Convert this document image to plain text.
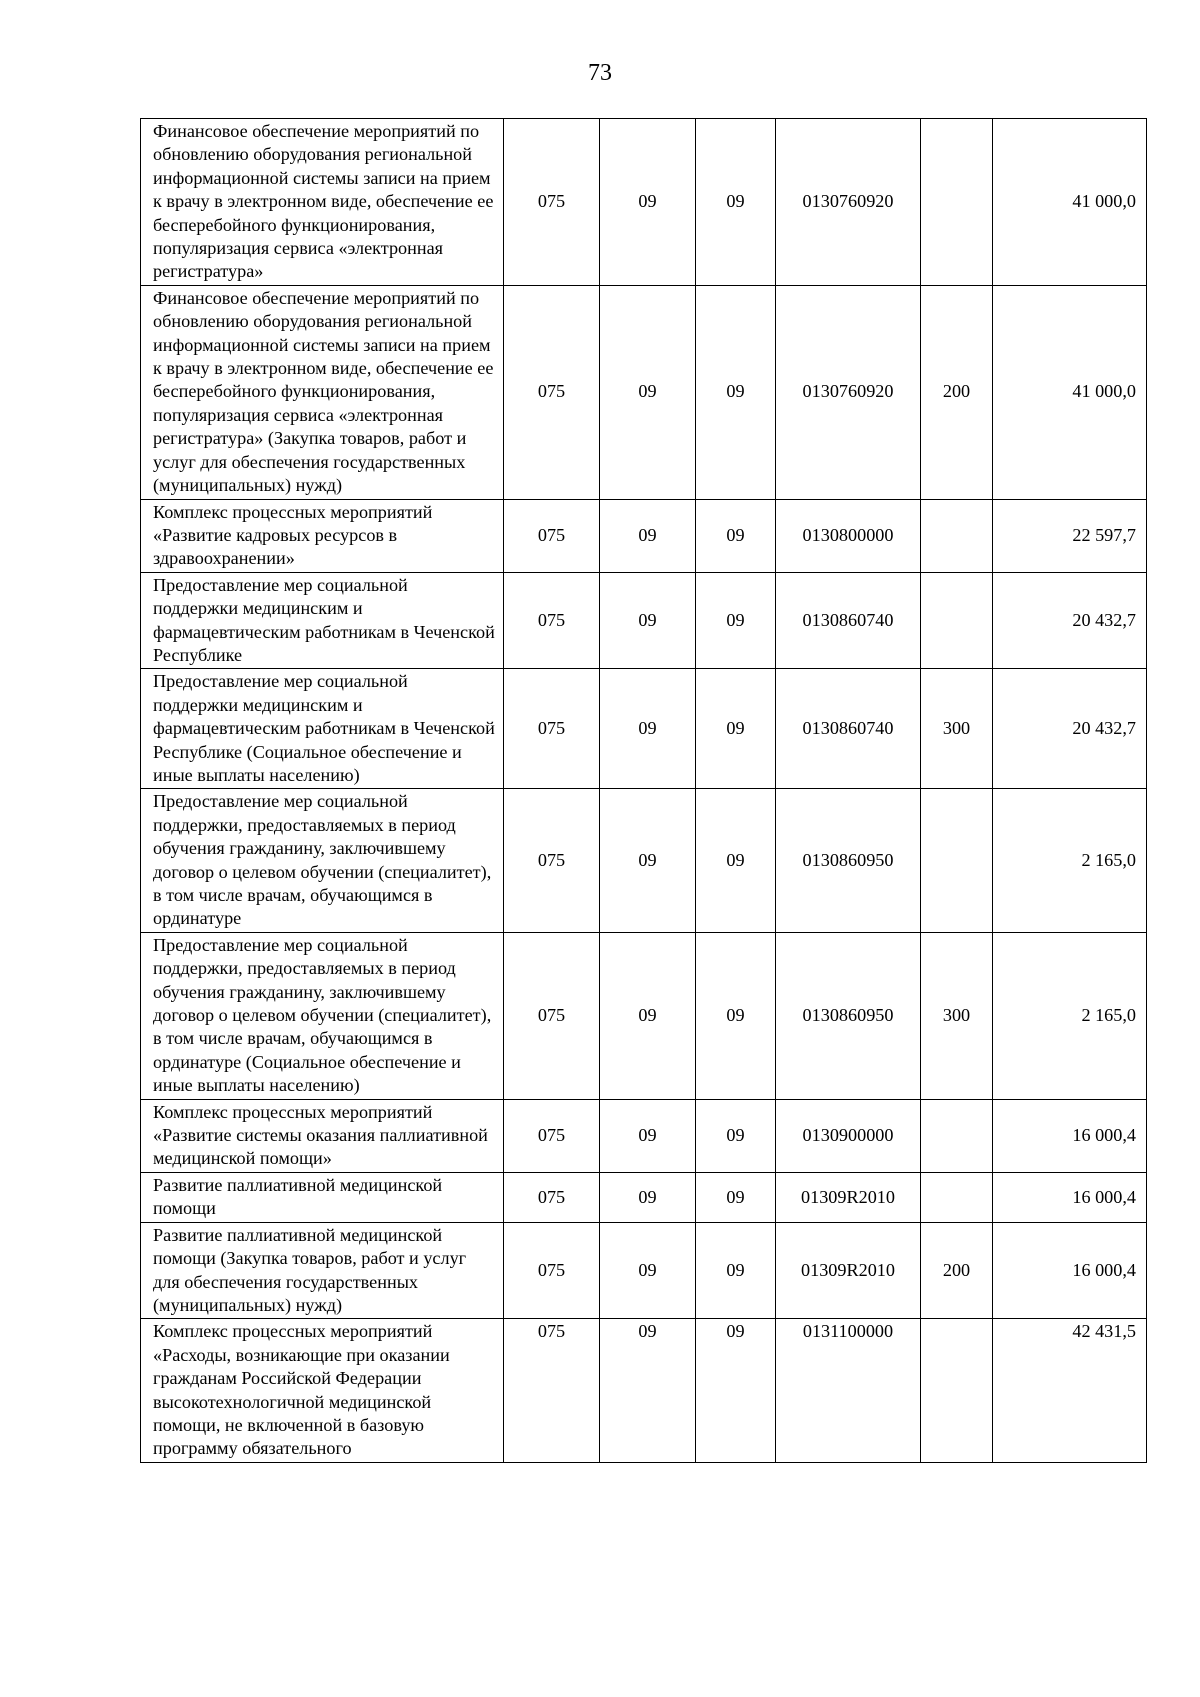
73
Финансовое обеспечение мероприятий по обновлению оборудования региональной информационной системы записи на прием к врачу в электронном виде, обеспечение ее бесперебойного функционирования, популяризация сервиса «электронная регистратура»	075	09	09	0130760920		41 000,0
Финансовое обеспечение мероприятий по обновлению оборудования региональной информационной системы записи на прием к врачу в электронном виде, обеспечение ее бесперебойного функционирования, популяризация сервиса «электронная регистратура» (Закупка товаров, работ и услуг для обеспечения государственных (муниципальных) нужд)	075	09	09	0130760920	200	41 000,0
Комплекс процессных мероприятий «Развитие кадровых ресурсов в здравоохранении»	075	09	09	0130800000		22 597,7
Предоставление мер социальной поддержки медицинским и фармацевтическим работникам в Чеченской Республике	075	09	09	0130860740		20 432,7
Предоставление мер социальной поддержки медицинским и фармацевтическим работникам в Чеченской Республике (Социальное обеспечение и иные выплаты населению)	075	09	09	0130860740	300	20 432,7
Предоставление мер социальной поддержки, предоставляемых в период обучения гражданину, заключившему договор о целевом обучении (специалитет), в том числе врачам, обучающимся в ординатуре	075	09	09	0130860950		2 165,0
Предоставление мер социальной поддержки, предоставляемых в период обучения гражданину, заключившему договор о целевом обучении (специалитет), в том числе врачам, обучающимся в ординатуре (Социальное обеспечение и иные выплаты населению)	075	09	09	0130860950	300	2 165,0
Комплекс процессных мероприятий «Развитие системы оказания паллиативной медицинской помощи»	075	09	09	0130900000		16 000,4
Развитие паллиативной медицинской помощи	075	09	09	01309R2010		16 000,4
Развитие паллиативной медицинской помощи (Закупка товаров, работ и услуг для обеспечения государственных (муниципальных) нужд)	075	09	09	01309R2010	200	16 000,4
Комплекс процессных мероприятий «Расходы, возникающие при оказании гражданам Российской Федерации высокотехнологичной медицинской помощи, не включенной в базовую программу обязательного	075	09	09	0131100000		42 431,5
